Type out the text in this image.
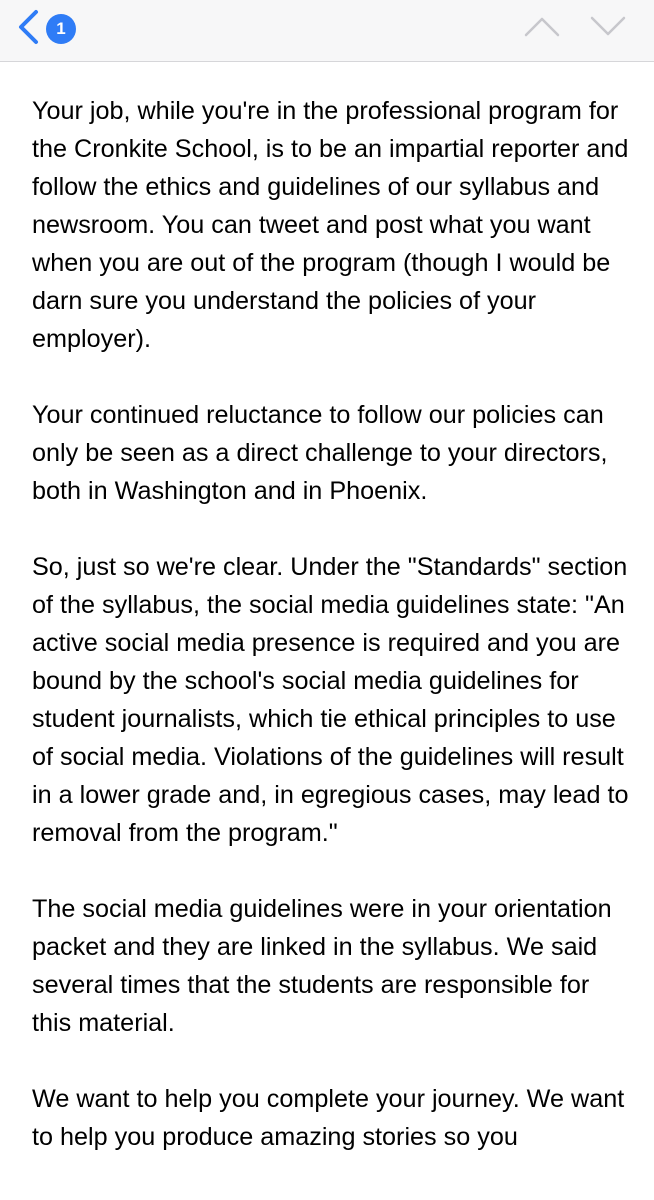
1

Your job, while you're in the professional program for the Cronkite School, is to be an impartial reporter and follow the ethics and guidelines of our syllabus and newsroom. You can tweet and post what you want when you are out of the program (though I would be darn sure you understand the policies of your employer).

Your continued reluctance to follow our policies can only be seen as a direct challenge to your directors, both in Washington and in Phoenix.

So, just so we're clear. Under the "Standards" section of the syllabus, the social media guidelines state: "An active social media presence is required and you are bound by the school's social media guidelines for student journalists, which tie ethical principles to use of social media. Violations of the guidelines will result in a lower grade and, in egregious cases, may lead to removal from the program."

The social media guidelines were in your orientation packet and they are linked in the syllabus. We said several times that the students are responsible for this material.

We want to help you complete your journey. We want to help you produce amazing stories so you
